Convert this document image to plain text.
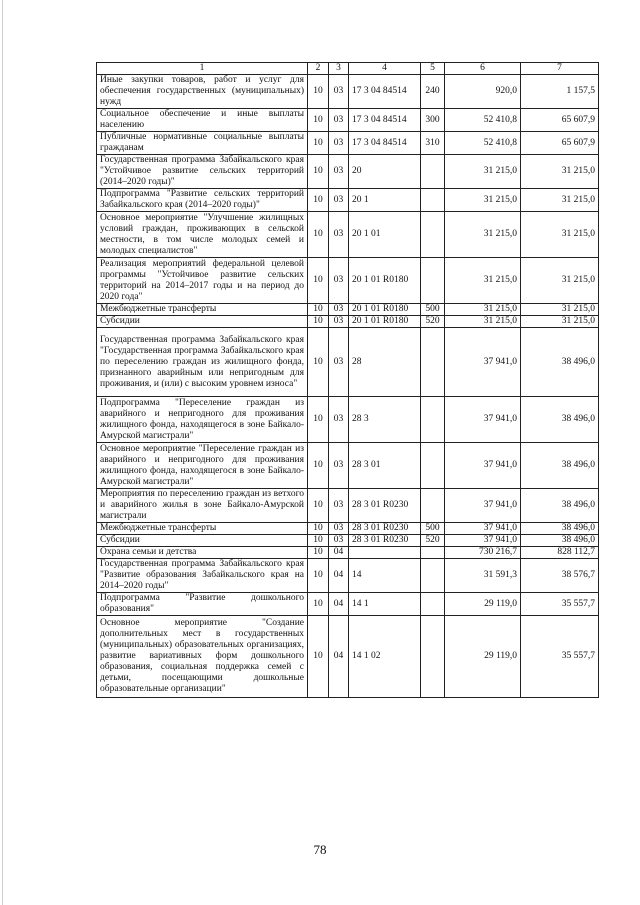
1	2	3	4	5	6	7
Иные закупки товаров, работ и услуг для обеспечения государственных (муниципальных) нужд	10	03	17 3 04 84514	240	920,0	1 157,5
Социальное обеспечение и иные выплаты населению	10	03	17 3 04 84514	300	52 410,8	65 607,9
Публичные нормативные социальные выплаты гражданам	10	03	17 3 04 84514	310	52 410,8	65 607,9
Государственная программа Забайкальского края "Устойчивое развитие сельских территорий (2014–2020 годы)"	10	03	20		31 215,0	31 215,0
Подпрограмма "Развитие сельских территорий Забайкальского края (2014–2020 годы)"	10	03	20 1		31 215,0	31 215,0
Основное мероприятие "Улучшение жилищных условий граждан, проживающих в сельской местности, в том числе молодых семей и молодых специалистов"	10	03	20 1 01		31 215,0	31 215,0
Реализация мероприятий федеральной целевой программы "Устойчивое развитие сельских территорий на 2014–2017 годы и на период до 2020 года"	10	03	20 1 01 R0180		31 215,0	31 215,0
Межбюджетные трансферты	10	03	20 1 01 R0180	500	31 215,0	31 215,0
Субсидии	10	03	20 1 01 R0180	520	31 215,0	31 215,0
Государственная программа Забайкальского края "Государственная программа Забайкальского края по переселению граждан из жилищного фонда, признанного аварийным или непригодным для проживания, и (или) с высоким уровнем износа"	10	03	28		37 941,0	38 496,0
Подпрограмма "Переселение граждан из аварийного и непригодного для проживания жилищного фонда, находящегося в зоне Байкало-Амурской магистрали"	10	03	28 3		37 941,0	38 496,0
Основное мероприятие "Переселение граждан из аварийного и непригодного для проживания жилищного фонда, находящегося в зоне Байкало-Амурской магистрали"	10	03	28 3 01		37 941,0	38 496,0
Мероприятия по переселению граждан из ветхого и аварийного жилья в зоне Байкало-Амурской магистрали	10	03	28 3 01 R0230		37 941,0	38 496,0
Межбюджетные трансферты	10	03	28 3 01 R0230	500	37 941,0	38 496,0
Субсидии	10	03	28 3 01 R0230	520	37 941,0	38 496,0
Охрана семьи и детства	10	04			730 216,7	828 112,7
Государственная программа Забайкальского края "Развитие образования Забайкальского края на 2014–2020 годы"	10	04	14		31 591,3	38 576,7
Подпрограмма "Развитие дошкольного образования"	10	04	14 1		29 119,0	35 557,7
Основное мероприятие "Создание дополнительных мест в государственных (муниципальных) образовательных организациях, развитие вариативных форм дошкольного образования, социальная поддержка семей с детьми, посещающими дошкольные образовательные организации"	10	04	14 1 02		29 119,0	35 557,7
78
